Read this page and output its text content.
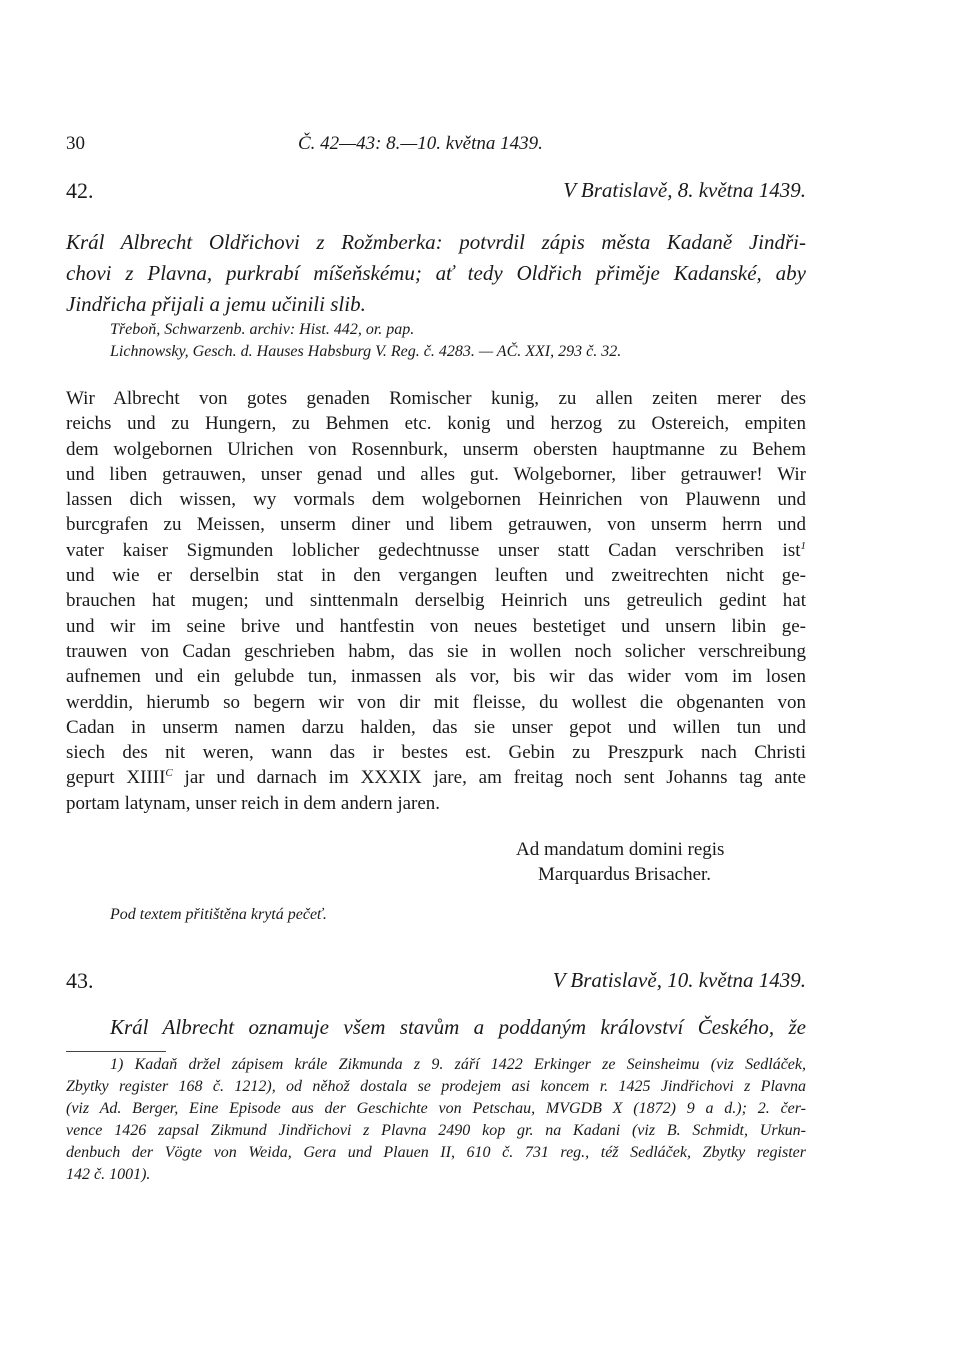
30	Č. 42—43: 8.—10. května 1439.
42.	V Bratislavě, 8. května 1439.
Král Albrecht Oldřichovi z Rožmberka: potvrdil zápis města Kadaně Jindři-
chovi z Plavna, purkrabí míšeňskému; ať tedy Oldřich přiměje Kadanské, aby
Jindřicha přijali a jemu učinili slib.
Třeboň, Schwarzenb. archiv: Hist. 442, or. pap.
Lichnowsky, Gesch. d. Hauses Habsburg V. Reg. č. 4283. — AČ. XXI, 293 č. 32.
Wir Albrecht von gotes genaden Romischer kunig, zu allen zeiten merer des
reichs und zu Hungern, zu Behmen etc. konig und herzog zu Ostereich, empiten
dem wolgebornen Ulrichen von Rosennburk, unserm obersten hauptmanne zu Behem
und liben getrauwen, unser genad und alles gut. Wolgeborner, liber getrauwer! Wir
lassen dich wissen, wy vormals dem wolgebornen Heinrichen von Plauwenn und
burcgrafen zu Meissen, unserm diner und libem getrauwen, von unserm herrn und
vater kaiser Sigmunden loblicher gedechtnusse unser statt Cadan verschriben ist$^1$
und wie er derselbin stat in den vergangen leuften und zweitrechten nicht ge-
brauchen hat mugen; und sinttenmaln derselbig Heinrich uns getreulich gedint hat
und wir im seine brive und hantfestin von neues bestetiget und unsern libin ge-
trauwen von Cadan geschrieben habm, das sie in wollen noch solicher verschreibung
aufnemen und ein gelubde tun, inmassen als vor, bis wir das wider vom im losen
werddin, hierumb so begern wir von dir mit fleisse, du wollest die obgenanten von
Cadan in unserm namen darzu halden, das sie unser gepot und willen tun und
siech des nit weren, wann das ir bestes est. Gebin zu Preszpurk nach Christi
gepurt $XIIII^C$ jar und darnach im XXXIX jare, am freitag noch sent Johanns tag ante
portam latynam, unser reich in dem andern jaren.
Ad mandatum domini regis
Marquardus Brisacher.
Pod textem přitištěna krytá pečeť.
43.	V Bratislavě, 10. května 1439.
Král Albrecht oznamuje všem stavům a poddaným království Českého, že
1) Kadaň držel zápisem krále Zikmunda z 9. září 1422 Erkinger ze Seinsheimu (viz Sedláček,
Zbytky register 168 č. 1212), od něhož dostala se prodejem asi koncem r. 1425 Jindřichovi z Plavna
(viz Ad. Berger, Eine Episode aus der Geschichte von Petschau, MVGDB X (1872) 9 a d.); 2. čer-
vence 1426 zapsal Zikmund Jindřichovi z Plavna 2490 kop gr. na Kadani (viz B. Schmidt, Urkun-
denbuch der Vögte von Weida, Gera und Plauen II, 610 č. 731 reg., též Sedláček, Zbytky register
142 č. 1001).
